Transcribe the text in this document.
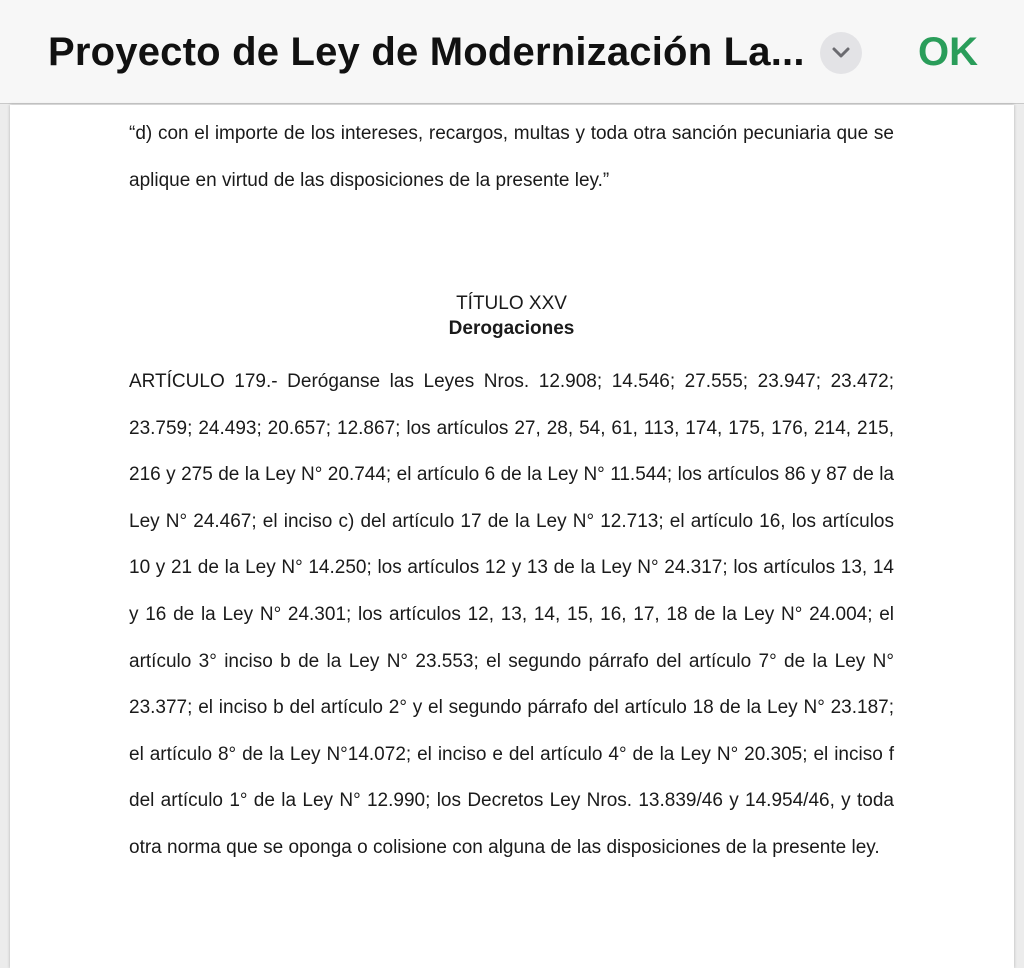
Proyecto de Ley de Modernización La...	OK

“d) con el importe de los intereses, recargos, multas y toda otra sanción pecuniaria que se aplique en virtud de las disposiciones de la presente ley.”

TÍTULO XXV
Derogaciones

ARTÍCULO 179.- Deróganse las Leyes Nros. 12.908; 14.546; 27.555; 23.947; 23.472; 23.759; 24.493; 20.657; 12.867; los artículos 27, 28, 54, 61, 113, 174, 175, 176, 214, 215, 216 y 275 de la Ley N° 20.744; el artículo 6 de la Ley N° 11.544; los artículos 86 y 87 de la Ley N° 24.467; el inciso c) del artículo 17 de la Ley N° 12.713; el artículo 16, los artículos 10 y 21 de la Ley N° 14.250; los artículos 12 y 13 de la Ley N° 24.317; los artículos 13, 14 y 16 de la Ley N° 24.301; los artículos 12, 13, 14, 15, 16, 17, 18 de la Ley N° 24.004; el artículo 3° inciso b de la Ley N° 23.553; el segundo párrafo del artículo 7° de la Ley N° 23.377; el inciso b del artículo 2° y el segundo párrafo del artículo 18 de la Ley N° 23.187; el artículo 8° de la Ley N°14.072; el inciso e del artículo 4° de la Ley N° 20.305; el inciso f del artículo 1° de la Ley N° 12.990; los Decretos Ley Nros. 13.839/46 y 14.954/46, y toda otra norma que se oponga o colisione con alguna de las disposiciones de la presente ley.
